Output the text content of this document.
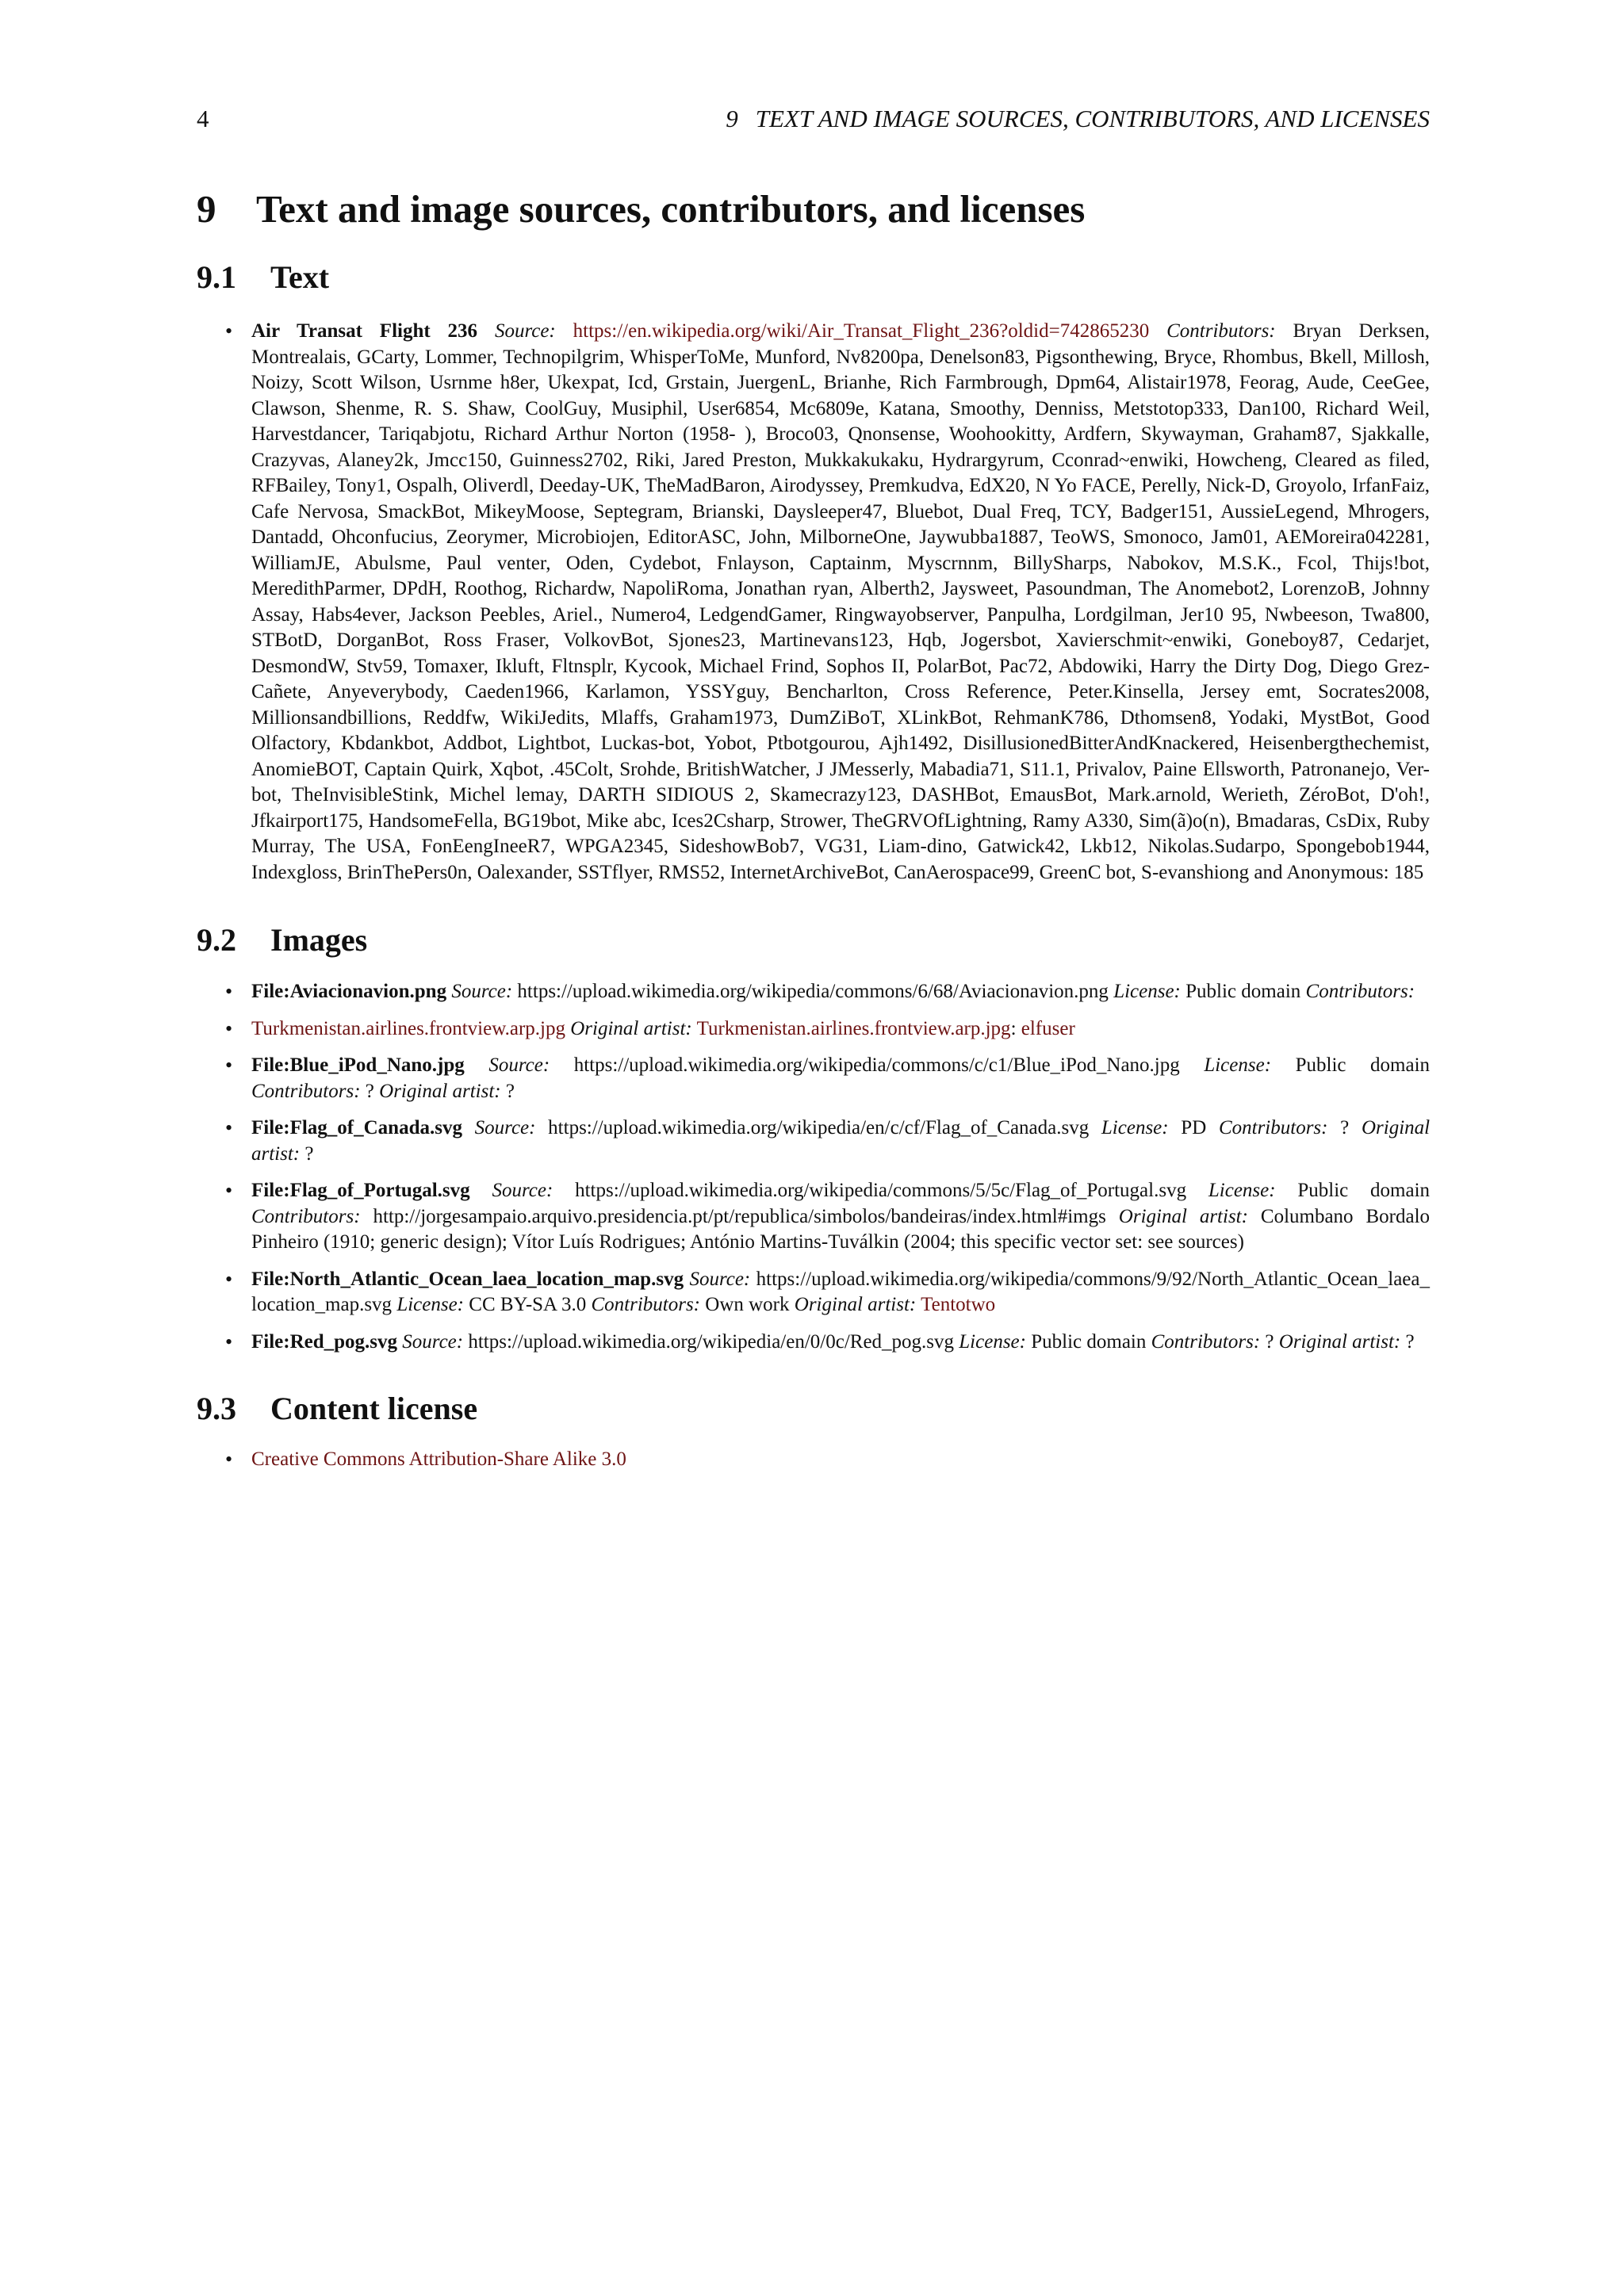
4	9 TEXT AND IMAGE SOURCES, CONTRIBUTORS, AND LICENSES
9 Text and image sources, contributors, and licenses
9.1 Text
• Air Transat Flight 236 Source: https://en.wikipedia.org/wiki/Air_Transat_Flight_236?oldid=742865230 Contributors: Bryan Derksen, Montrealais, GCarty, Lommer, Technopilgrim, WhisperToMe, Munford, Nv8200pa, Denelson83, Pigsonthewing, Bryce, Rhombus, Bkell, Millosh, Noizy, Scott Wilson, Usrnme h8er, Ukexpat, Icd, Grstain, JuergenL, Brianhe, Rich Farmbrough, Dpm64, Alistair1978, Feorag, Aude, CeeGee, Clawson, Shenme, R. S. Shaw, CoolGuy, Musiphil, User6854, Mc6809e, Katana, Smoothy, Denniss, Metstotop333, Dan100, Richard Weil, Harvestdancer, Tariqabjotu, Richard Arthur Norton (1958- ), Broco03, Qnonsense, Woohookitty, Ardfern, Skywayman, Graham87, Sjakkalle, Crazyvas, Alaney2k, Jmcc150, Guinness2702, Riki, Jared Preston, Mukkakukaku, Hydrargyrum, Cconrad~enwiki, Howcheng, Cleared as filed, RFBailey, Tony1, Ospalh, Oliverdl, Deeday-UK, TheMadBaron, Airodyssey, Premkudva, EdX20, N Yo FACE, Perelly, Nick-D, Groyolo, IrfanFaiz, Cafe Nervosa, SmackBot, MikeyMoose, Septegram, Brianski, Daysleeper47, Bluebot, Dual Freq, TCY, Badger151, AussieLegend, Mhrogers, Dantadd, Ohconfucius, Zeorymer, Microbiojen, EditorASC, John, MilborneOne, Jaywubba1887, TeoWS, Smonoco, Jam01, AEMoreira042281, WilliamJE, Abulsme, Paul venter, Oden, Cydebot, Fnlayson, Captainm, Myscrnnm, BillySharps, Nabokov, M.S.K., Fcol, Thijs!bot, MeredithParmer, DPdH, Roothog, Richardw, NapoliRoma, Jonathan ryan, Alberth2, Jaysweet, Pasoundman, The Anomebot2, LorenzoB, Johnny Assay, Habs4ever, Jackson Peebles, Ariel., Numero4, LedgendGamer, Ringwayobserver, Panpulha, Lordgilman, Jer10 95, Nwbeeson, Twa800, STBotD, DorganBot, Ross Fraser, VolkovBot, Sjones23, Martinevans123, Hqb, Jogersbot, Xavierschmit~enwiki, Goneboy87, Cedarjet, DesmondW, Stv59, Tomaxer, Ikluft, Fltnsplr, Kycook, Michael Frind, Sophos II, PolarBot, Pac72, Abdowiki, Harry the Dirty Dog, Diego Grez-Cañete, Anyeverybody, Caeden1966, Karlamon, YSSYguy, Bencharlton, Cross Reference, Peter.Kinsella, Jersey emt, Socrates2008, Millionsandbillions, Reddfw, WikiJedits, Mlaffs, Graham1973, DumZiBoT, XLinkBot, RehmanK786, Dthomsen8, Yodaki, MystBot, Good Olfactory, Kbdankbot, Addbot, Lightbot, Luckas-bot, Yobot, Ptbotgourou, Ajh1492, DisillusionedBitterAndKnackered, Heisenbergthechemist, AnomieBOT, Captain Quirk, Xqbot, .45Colt, Srohde, BritishWatcher, J JMesserly, Mabadia71, S11.1, Privalov, Paine Ellsworth, Patronanejo, Ver-bot, TheInvisibleStink, Michel lemay, DARTH SIDIOUS 2, Skamecrazy123, DASHBot, EmausBot, Mark.arnold, Werieth, ZéroBot, D'oh!, Jfkairport175, HandsomeFella, BG19bot, Mike abc, Ices2Csharp, Strower, TheGRVOfLightning, Ramy A330, Sim(ã)o(n), Bmadaras, CsDix, Ruby Murray, The USA, FonEengIneeR7, WPGA2345, SideshowBob7, VG31, Liam-dino, Gatwick42, Lkb12, Nikolas.Sudarpo, Spongebob1944, Indexgloss, BrinThePers0n, Oalexander, SSTflyer, RMS52, InternetArchiveBot, CanAerospace99, GreenC bot, S-evanshiong and Anonymous: 185
9.2 Images
• File:Aviacionavion.png Source: https://upload.wikimedia.org/wikipedia/commons/6/68/Aviacionavion.png License: Public domain Contributors:
• Turkmenistan.airlines.frontview.arp.jpg Original artist: Turkmenistan.airlines.frontview.arp.jpg: elfuser
• File:Blue_iPod_Nano.jpg Source: https://upload.wikimedia.org/wikipedia/commons/c/c1/Blue_iPod_Nano.jpg License: Public domain Contributors: ? Original artist: ?
• File:Flag_of_Canada.svg Source: https://upload.wikimedia.org/wikipedia/en/c/cf/Flag_of_Canada.svg License: PD Contributors: ? Original artist: ?
• File:Flag_of_Portugal.svg Source: https://upload.wikimedia.org/wikipedia/commons/5/5c/Flag_of_Portugal.svg License: Public domain Contributors: http://jorgesampaio.arquivo.presidencia.pt/pt/republica/simbolos/bandeiras/index.html#imgs Original artist: Columbano Bordalo Pinheiro (1910; generic design); Vítor Luís Rodrigues; António Martins-Tuválkin (2004; this specific vector set: see sources)
• File:North_Atlantic_Ocean_laea_location_map.svg Source: https://upload.wikimedia.org/wikipedia/commons/9/92/North_Atlantic_Ocean_laea_location_map.svg License: CC BY-SA 3.0 Contributors: Own work Original artist: Tentotwo
• File:Red_pog.svg Source: https://upload.wikimedia.org/wikipedia/en/0/0c/Red_pog.svg License: Public domain Contributors: ? Original artist: ?
9.3 Content license
• Creative Commons Attribution-Share Alike 3.0
